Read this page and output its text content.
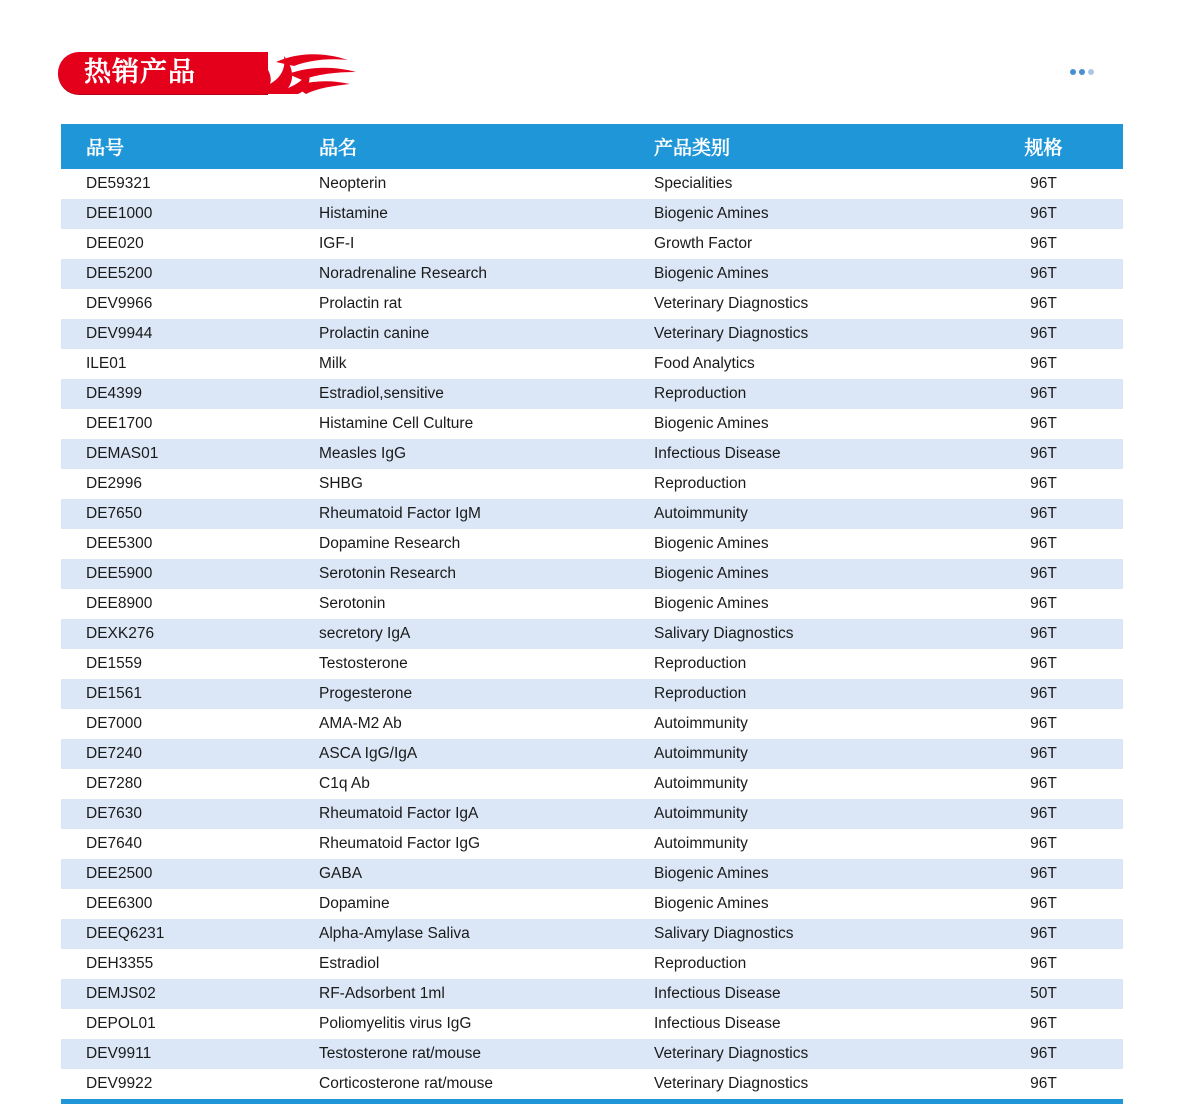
热销产品
品号	品名	产品类别	规格
DE59321	Neopterin	Specialities	96T
DEE1000	Histamine	Biogenic Amines	96T
DEE020	IGF-I	Growth Factor	96T
DEE5200	Noradrenaline Research	Biogenic Amines	96T
DEV9966	Prolactin rat	Veterinary Diagnostics	96T
DEV9944	Prolactin canine	Veterinary Diagnostics	96T
ILE01	Milk	Food Analytics	96T
DE4399	Estradiol,sensitive	Reproduction	96T
DEE1700	Histamine Cell Culture	Biogenic Amines	96T
DEMAS01	Measles IgG	Infectious Disease	96T
DE2996	SHBG	Reproduction	96T
DE7650	Rheumatoid Factor IgM	Autoimmunity	96T
DEE5300	Dopamine Research	Biogenic Amines	96T
DEE5900	Serotonin Research	Biogenic Amines	96T
DEE8900	Serotonin	Biogenic Amines	96T
DEXK276	secretory IgA	Salivary Diagnostics	96T
DE1559	Testosterone	Reproduction	96T
DE1561	Progesterone	Reproduction	96T
DE7000	AMA-M2 Ab	Autoimmunity	96T
DE7240	ASCA IgG/IgA	Autoimmunity	96T
DE7280	C1q Ab	Autoimmunity	96T
DE7630	Rheumatoid Factor IgA	Autoimmunity	96T
DE7640	Rheumatoid Factor IgG	Autoimmunity	96T
DEE2500	GABA	Biogenic Amines	96T
DEE6300	Dopamine	Biogenic Amines	96T
DEEQ6231	Alpha-Amylase Saliva	Salivary Diagnostics	96T
DEH3355	Estradiol	Reproduction	96T
DEMJS02	RF-Adsorbent 1ml	Infectious Disease	50T
DEPOL01	Poliomyelitis virus IgG	Infectious Disease	96T
DEV9911	Testosterone rat/mouse	Veterinary Diagnostics	96T
DEV9922	Corticosterone rat/mouse	Veterinary Diagnostics	96T
